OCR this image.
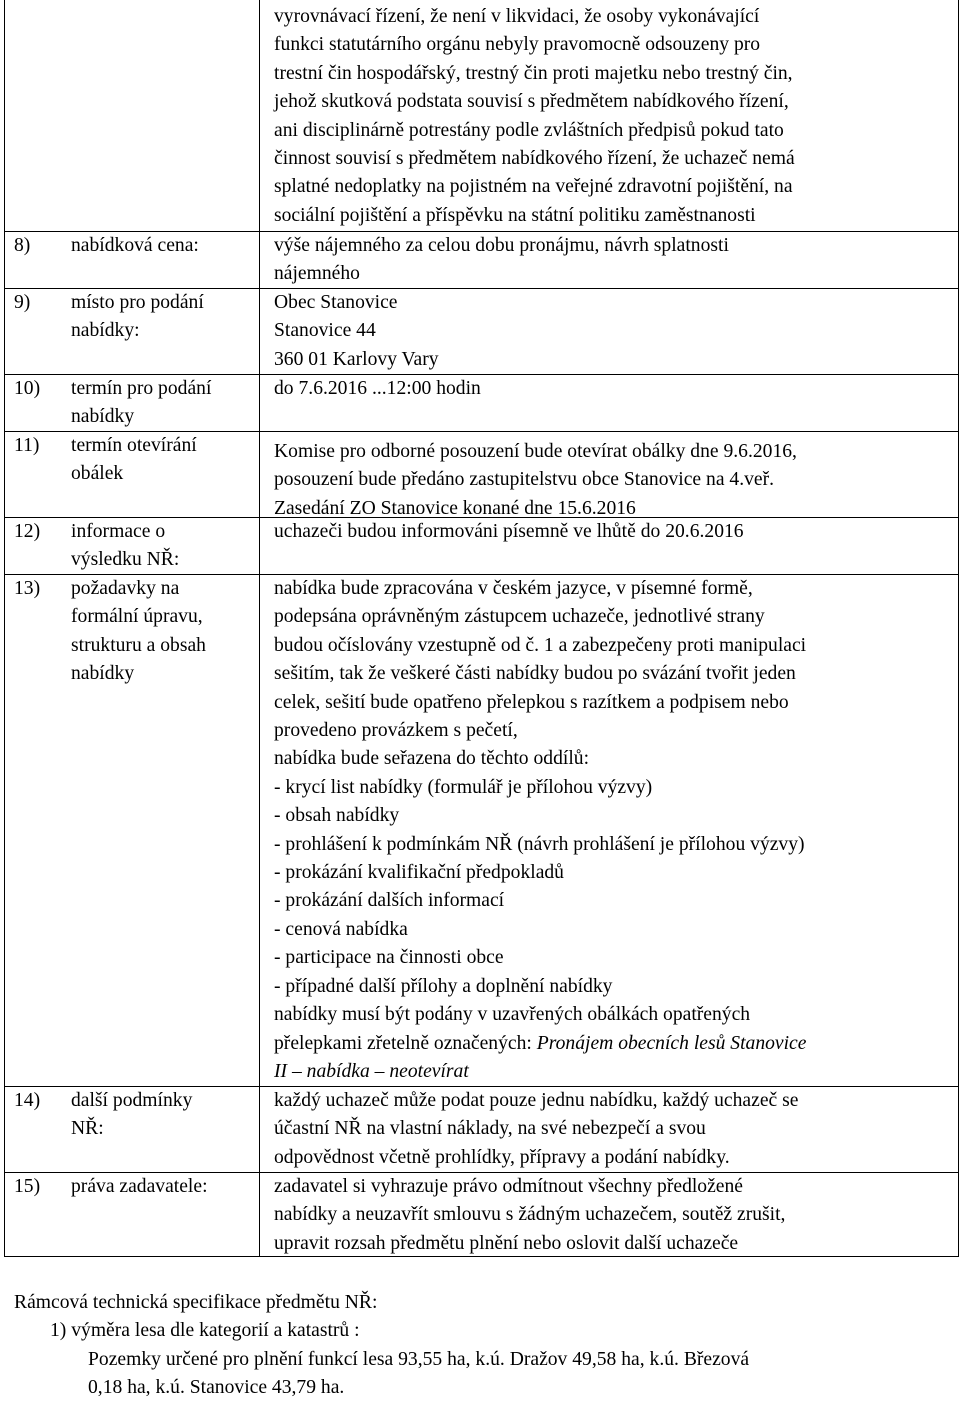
vyrovnávací řízení, že není v likvidaci, že osoby vykonávající
funkci statutárního orgánu nebyly pravomocně odsouzeny pro
trestní čin hospodářský, trestný čin proti majetku nebo trestný čin,
jehož skutková podstata souvisí s předmětem nabídkového řízení,
ani disciplinárně potrestány podle zvláštních předpisů pokud tato
činnost souvisí s předmětem nabídkového řízení, že uchazeč nemá
splatné nedoplatky na pojistném na veřejné zdravotní pojištění, na
sociální pojištění a příspěvku na státní politiku zaměstnanosti
8) nabídková cena:	výše nájemného za celou dobu pronájmu, návrh splatnosti
nájemného
9) místo pro podání
nabídky:
Obec Stanovice
Stanovice 44
360 01 Karlovy Vary
10) termín pro podání
nabídky
do 7.6.2016 ...12:00 hodin
11) termín otevírání
obálek
Komise pro odborné posouzení bude otevírat obálky dne 9.6.2016,
posouzení bude předáno zastupitelstvu obce Stanovice na 4.veř.
Zasedání ZO Stanovice konané dne 15.6.2016
12) informace o
výsledku NŘ:
uchazeči budou informováni písemně ve lhůtě do 20.6.2016
13) požadavky na
formální úpravu,
strukturu a obsah
nabídky
nabídka bude zpracována v českém jazyce, v písemné formě,
podepsána oprávněným zástupcem uchazeče, jednotlivé strany
budou očíslovány vzestupně od č. 1 a zabezpečeny proti manipulaci
sešitím, tak že veškeré části nabídky budou po svázání tvořit jeden
celek, sešití bude opatřeno přelepkou s razítkem a podpisem nebo
provedeno provázkem s pečetí,
nabídka bude seřazena do těchto oddílů:
- krycí list nabídky (formulář je přílohou výzvy)
- obsah nabídky
- prohlášení k podmínkám NŘ (návrh prohlášení je přílohou výzvy)
- prokázání kvalifikační předpokladů
- prokázání dalších informací
- cenová nabídka
- participace na činnosti obce
- případné další přílohy a doplnění nabídky
nabídky musí být podány v uzavřených obálkách opatřených
přelepkami zřetelně označených: Pronájem obecních lesů Stanovice
II – nabídka – neotevírat
14) další podmínky
NŘ:
každý uchazeč může podat pouze jednu nabídku, každý uchazeč se
účastní NŘ na vlastní náklady, na své nebezpečí a svou
odpovědnost včetně prohlídky, přípravy a podání nabídky.
15) práva zadavatele:	zadavatel si vyhrazuje právo odmítnout všechny předložené
nabídky a neuzavřít smlouvu s žádným uchazečem, soutěž zrušit,
upravit rozsah předmětu plnění nebo oslovit další uchazeče
Rámcová technická specifikace předmětu NŘ:
1) výměra lesa dle kategorií a katastrů :
Pozemky určené pro plnění funkcí lesa 93,55 ha, k.ú. Dražov 49,58 ha, k.ú. Březová
0,18 ha, k.ú. Stanovice 43,79 ha.
